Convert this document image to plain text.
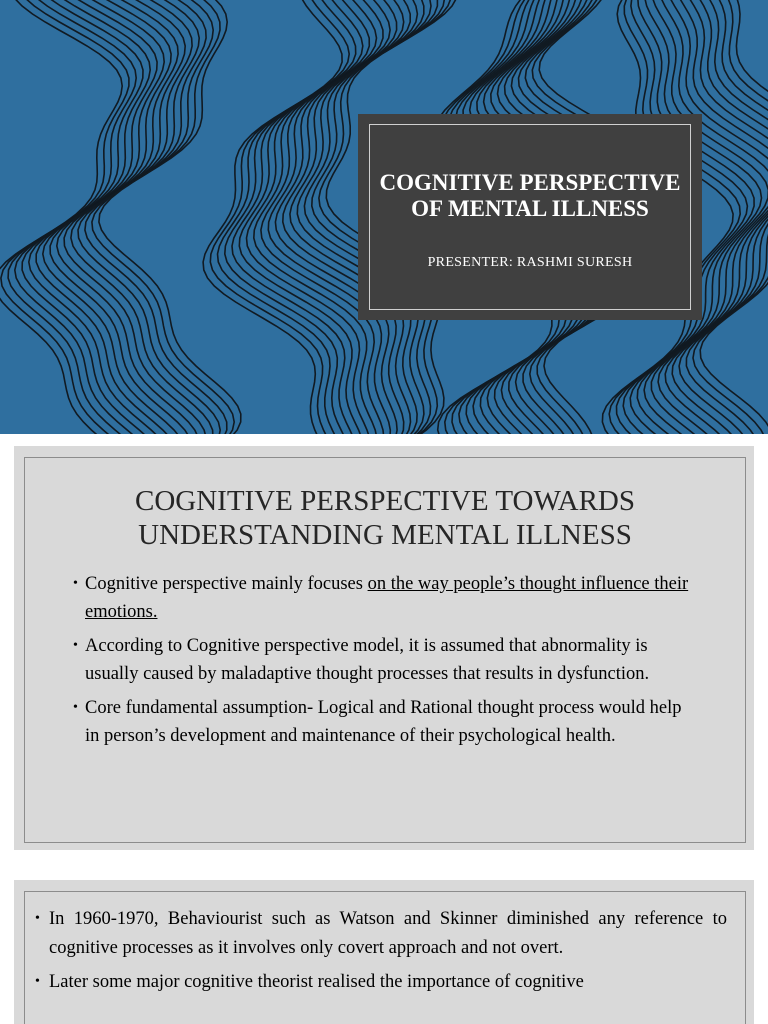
COGNITIVE PERSPECTIVE OF MENTAL ILLNESS
PRESENTER: RASHMI SURESH
COGNITIVE PERSPECTIVE TOWARDS UNDERSTANDING MENTAL ILLNESS
• Cognitive perspective mainly focuses on the way people’s thought influence their emotions.
• According to Cognitive perspective model, it is assumed that abnormality is usually caused by maladaptive thought processes that results in dysfunction.
• Core fundamental assumption- Logical and Rational thought process would help in person’s development and maintenance of their psychological health.
• In 1960-1970, Behaviourist such as Watson and Skinner diminished any reference to cognitive processes as it involves only covert approach and not overt.
• Later some major cognitive theorist realised the importance of cognitive
